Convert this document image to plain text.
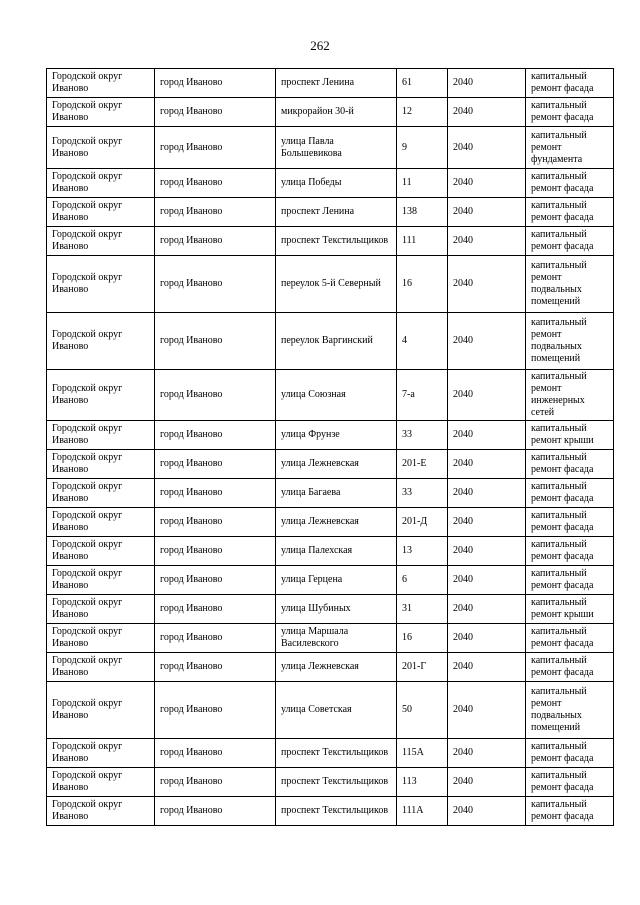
262
Городской округ Иваново	город Иваново	проспект Ленина	61	2040	капитальный ремонт фасада
Городской округ Иваново	город Иваново	микрорайон 30-й	12	2040	капитальный ремонт фасада
Городской округ Иваново	город Иваново	улица Павла Большевикова	9	2040	капитальный ремонт фундамента
Городской округ Иваново	город Иваново	улица Победы	11	2040	капитальный ремонт фасада
Городской округ Иваново	город Иваново	проспект Ленина	138	2040	капитальный ремонт фасада
Городской округ Иваново	город Иваново	проспект Текстильщиков	111	2040	капитальный ремонт фасада
Городской округ Иваново	город Иваново	переулок 5-й Северный	16	2040	капитальный ремонт подвальных помещений
Городской округ Иваново	город Иваново	переулок Варгинский	4	2040	капитальный ремонт подвальных помещений
Городской округ Иваново	город Иваново	улица Союзная	7-а	2040	капитальный ремонт инженерных сетей
Городской округ Иваново	город Иваново	улица Фрунзе	33	2040	капитальный ремонт крыши
Городской округ Иваново	город Иваново	улица Лежневская	201-Е	2040	капитальный ремонт фасада
Городской округ Иваново	город Иваново	улица Багаева	33	2040	капитальный ремонт фасада
Городской округ Иваново	город Иваново	улица Лежневская	201-Д	2040	капитальный ремонт фасада
Городской округ Иваново	город Иваново	улица Палехская	13	2040	капитальный ремонт фасада
Городской округ Иваново	город Иваново	улица Герцена	6	2040	капитальный ремонт фасада
Городской округ Иваново	город Иваново	улица Шубиных	31	2040	капитальный ремонт крыши
Городской округ Иваново	город Иваново	улица Маршала Василевского	16	2040	капитальный ремонт фасада
Городской округ Иваново	город Иваново	улица Лежневская	201-Г	2040	капитальный ремонт фасада
Городской округ Иваново	город Иваново	улица Советская	50	2040	капитальный ремонт подвальных помещений
Городской округ Иваново	город Иваново	проспект Текстильщиков	115А	2040	капитальный ремонт фасада
Городской округ Иваново	город Иваново	проспект Текстильщиков	113	2040	капитальный ремонт фасада
Городской округ Иваново	город Иваново	проспект Текстильщиков	111А	2040	капитальный ремонт фасада
